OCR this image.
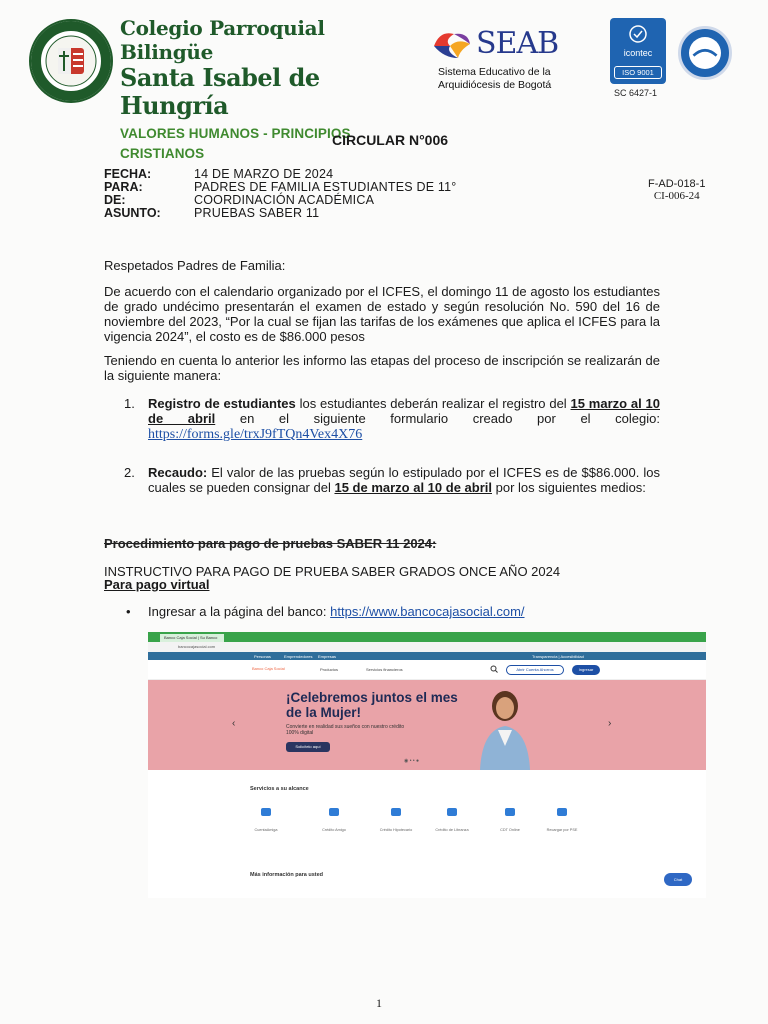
Colegio Parroquial Bilingüe
Santa Isabel de Hungría
VALORES HUMANOS - PRINCIPIOS CRISTIANOS
SEAB
Sistema Educativo de la
Arquidiócesis de Bogotá
icontec
ISO 9001
SC 6427-1
CIRCULAR N°006
FECHA:	14 DE MARZO DE 2024
PARA:	PADRES DE FAMILIA ESTUDIANTES DE 11°
DE:	COORDINACIÓN ACADÉMICA
ASUNTO:	PRUEBAS SABER 11
F-AD-018-1
CI-006-24
Respetados Padres de Familia:
De acuerdo con el calendario organizado por el ICFES, el domingo 11 de agosto los estudiantes de grado undécimo presentarán el examen de estado y según resolución No. 590 del 16 de noviembre del 2023, “Por la cual se fijan las tarifas de los exámenes que aplica el ICFES para la vigencia 2024”, el costo es de $86.000 pesos
Teniendo en cuenta lo anterior les informo las etapas del proceso de inscripción se realizarán de la siguiente manera:
1. Registro de estudiantes los estudiantes deberán realizar el registro del 15 marzo al 10 de abril en el siguiente formulario creado por el colegio: https://forms.gle/trxJ9fTQn4Vex4X76
2. Recaudo: El valor de las pruebas según lo estipulado por el ICFES es de $$86.000. los cuales se pueden consignar del 15 de marzo al 10 de abril por los siguientes medios:
Procedimiento para pago de pruebas SABER 11 2024:
INSTRUCTIVO PARA PAGO DE PRUEBA SABER GRADOS ONCE AÑO 2024
Para pago virtual
• Ingresar a la página del banco: https://www.bancocajasocial.com/
Banco Caja Social | Su Banco
bancocajasocial.com
Personas	Emprendedores Empresas	Transparencia | Accesibilidad
Banco Caja Social	Productos	Servicios financieros	Abrir Cuenta Ahorros	Ingresar
‹
¡Celebremos juntos el mes de la Mujer!
Convierte en realidad sus sueños con nuestro crédito 100% digital
Solicítelo aquí
◉ • • ●
›
Servicios a su alcance
CuentaAmiga	Crédito Amigo	Crédito Hipotecario	Crédito de Libranza	CDT Online	Recargar por PSE
Más información para usted
Chat
1
